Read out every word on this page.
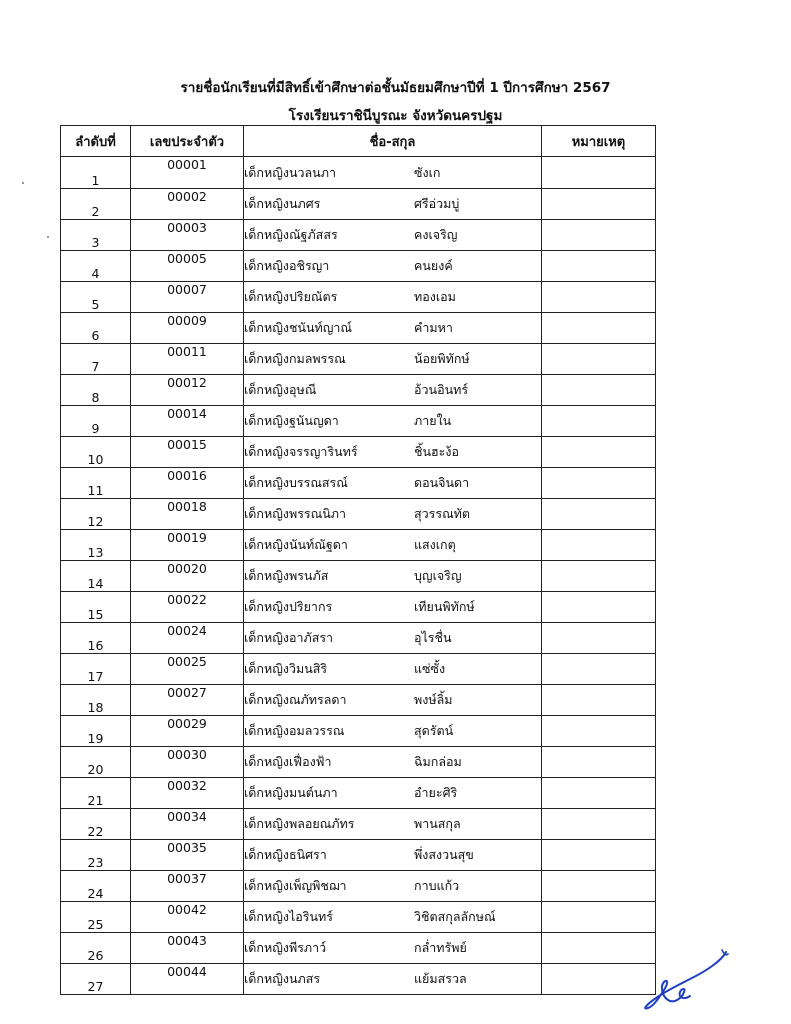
รายชื่อนักเรียนที่มีสิทธิ์เข้าศึกษาต่อชั้นมัธยมศึกษาปีที่ 1 ปีการศึกษา 2567
โรงเรียนราชินีบูรณะ จังหวัดนครปฐม
ลำดับที่	เลขประจำตัว	ชื่อ-สกุล	หมายเหตุ
1	00001	เด็กหญิงนวลนภา ซังเก	
2	00002	เด็กหญิงนภศร ศรีอ่วมบู่	
3	00003	เด็กหญิงณัฐภัสสร คงเจริญ	
4	00005	เด็กหญิงอชิรญา คนยงค์	
5	00007	เด็กหญิงปริยณัตร ทองเอม	
6	00009	เด็กหญิงชนันท์ญาณ์ คำมหา	
7	00011	เด็กหญิงกมลพรรณ น้อยพิทักษ์	
8	00012	เด็กหญิงอุษณี อ้วนอินทร์	
9	00014	เด็กหญิงฐนันญดา ภายใน	
10	00015	เด็กหญิงจรรญารินทร์ ชิ้นฮะง้อ	
11	00016	เด็กหญิงบรรณสรณ์ ดอนจินดา	
12	00018	เด็กหญิงพรรณนิภา สุวรรณทัต	
13	00019	เด็กหญิงนันท์ณัฐดา แสงเกตุ	
14	00020	เด็กหญิงพรนภัส บุญเจริญ	
15	00022	เด็กหญิงปริยากร เทียนพิทักษ์	
16	00024	เด็กหญิงอาภัสรา อุไรชื่น	
17	00025	เด็กหญิงวิมนสิริ แซ่ซั้ง	
18	00027	เด็กหญิงณภัทรลดา พงษ์ลิ้ม	
19	00029	เด็กหญิงอมลวรรณ สุดรัตน์	
20	00030	เด็กหญิงเฟื่องฟ้า ฉิมกล่อม	
21	00032	เด็กหญิงมนต์นภา อำยะศิริ	
22	00034	เด็กหญิงพลอยณภัทร พานสกุล	
23	00035	เด็กหญิงธนิศรา พึ่งสงวนสุข	
24	00037	เด็กหญิงเพ็ญพิชฌา กาบแก้ว	
25	00042	เด็กหญิงไอรินทร์ วิชิตสกุลลักษณ์	
26	00043	เด็กหญิงพีรภาว์ กล่ำทรัพย์	
27	00044	เด็กหญิงนภสร แย้มสรวล	
